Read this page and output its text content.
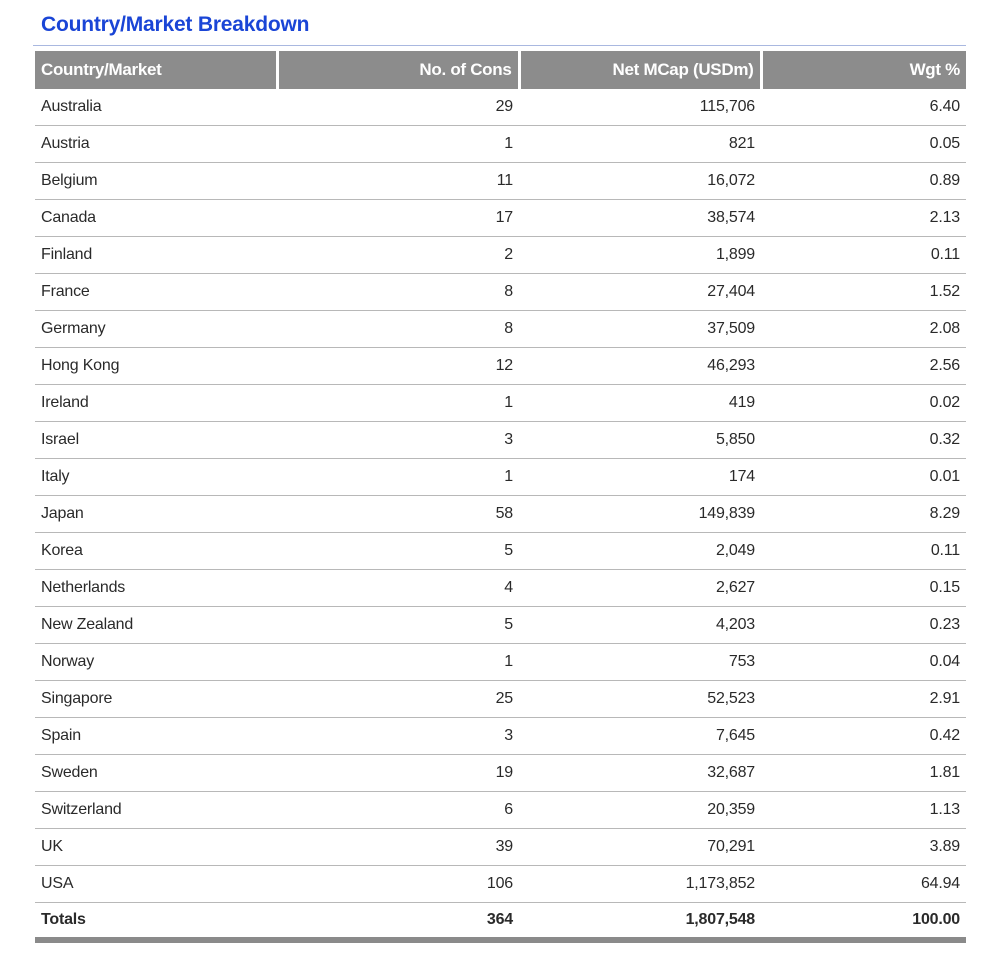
Country/Market Breakdown
Country/Market	No. of Cons	Net MCap (USDm)	Wgt %
Australia	29	115,706	6.40
Austria	1	821	0.05
Belgium	11	16,072	0.89
Canada	17	38,574	2.13
Finland	2	1,899	0.11
France	8	27,404	1.52
Germany	8	37,509	2.08
Hong Kong	12	46,293	2.56
Ireland	1	419	0.02
Israel	3	5,850	0.32
Italy	1	174	0.01
Japan	58	149,839	8.29
Korea	5	2,049	0.11
Netherlands	4	2,627	0.15
New Zealand	5	4,203	0.23
Norway	1	753	0.04
Singapore	25	52,523	2.91
Spain	3	7,645	0.42
Sweden	19	32,687	1.81
Switzerland	6	20,359	1.13
UK	39	70,291	3.89
USA	106	1,173,852	64.94
Totals	364	1,807,548	100.00
